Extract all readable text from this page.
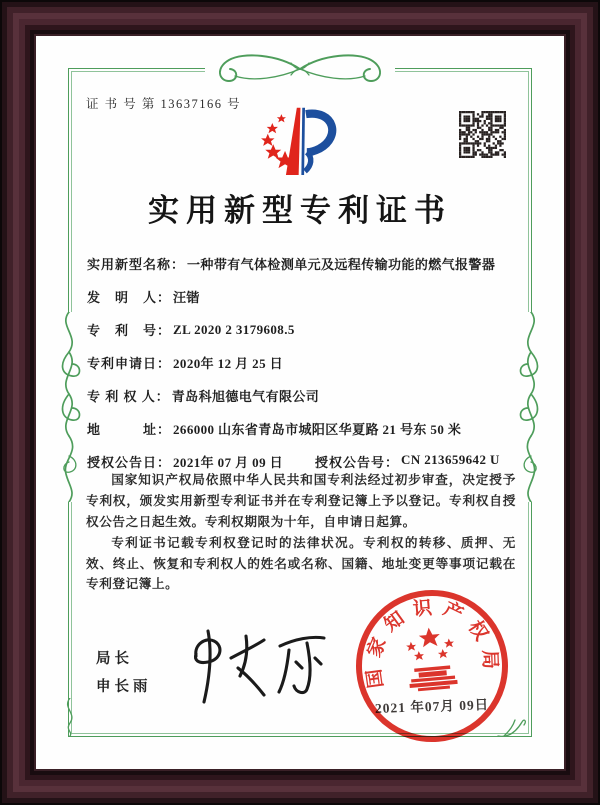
证 书 号 第 13637166 号
实用新型专利证书
实用新型名称： 一种带有气体检测单元及远程传输功能的燃气报警器
发　明　人： 汪锴
专　利　号： ZL 2020 2 3179608.5
专利申请日： 2020年 12 月 25 日
专 利 权 人： 青岛科旭德电气有限公司
地　　　址： 266000 山东省青岛市城阳区华夏路 21 号东 50 米
授权公告日： 2021年 07 月 09 日 授权公告号： CN 213659642 U

国家知识产权局依照中华人民共和国专利法经过初步审查，决定授予专利权，颁发实用新型专利证书并在专利登记簿上予以登记。专利权自授权公告之日起生效。专利权期限为十年，自申请日起算。

专利证书记载专利权登记时的法律状况。专利权的转移、质押、无效、终止、恢复和专利权人的姓名或名称、国籍、地址变更等事项记载在专利登记簿上。

局长
申长雨
2021 年07月 09日
国家知识产权局
